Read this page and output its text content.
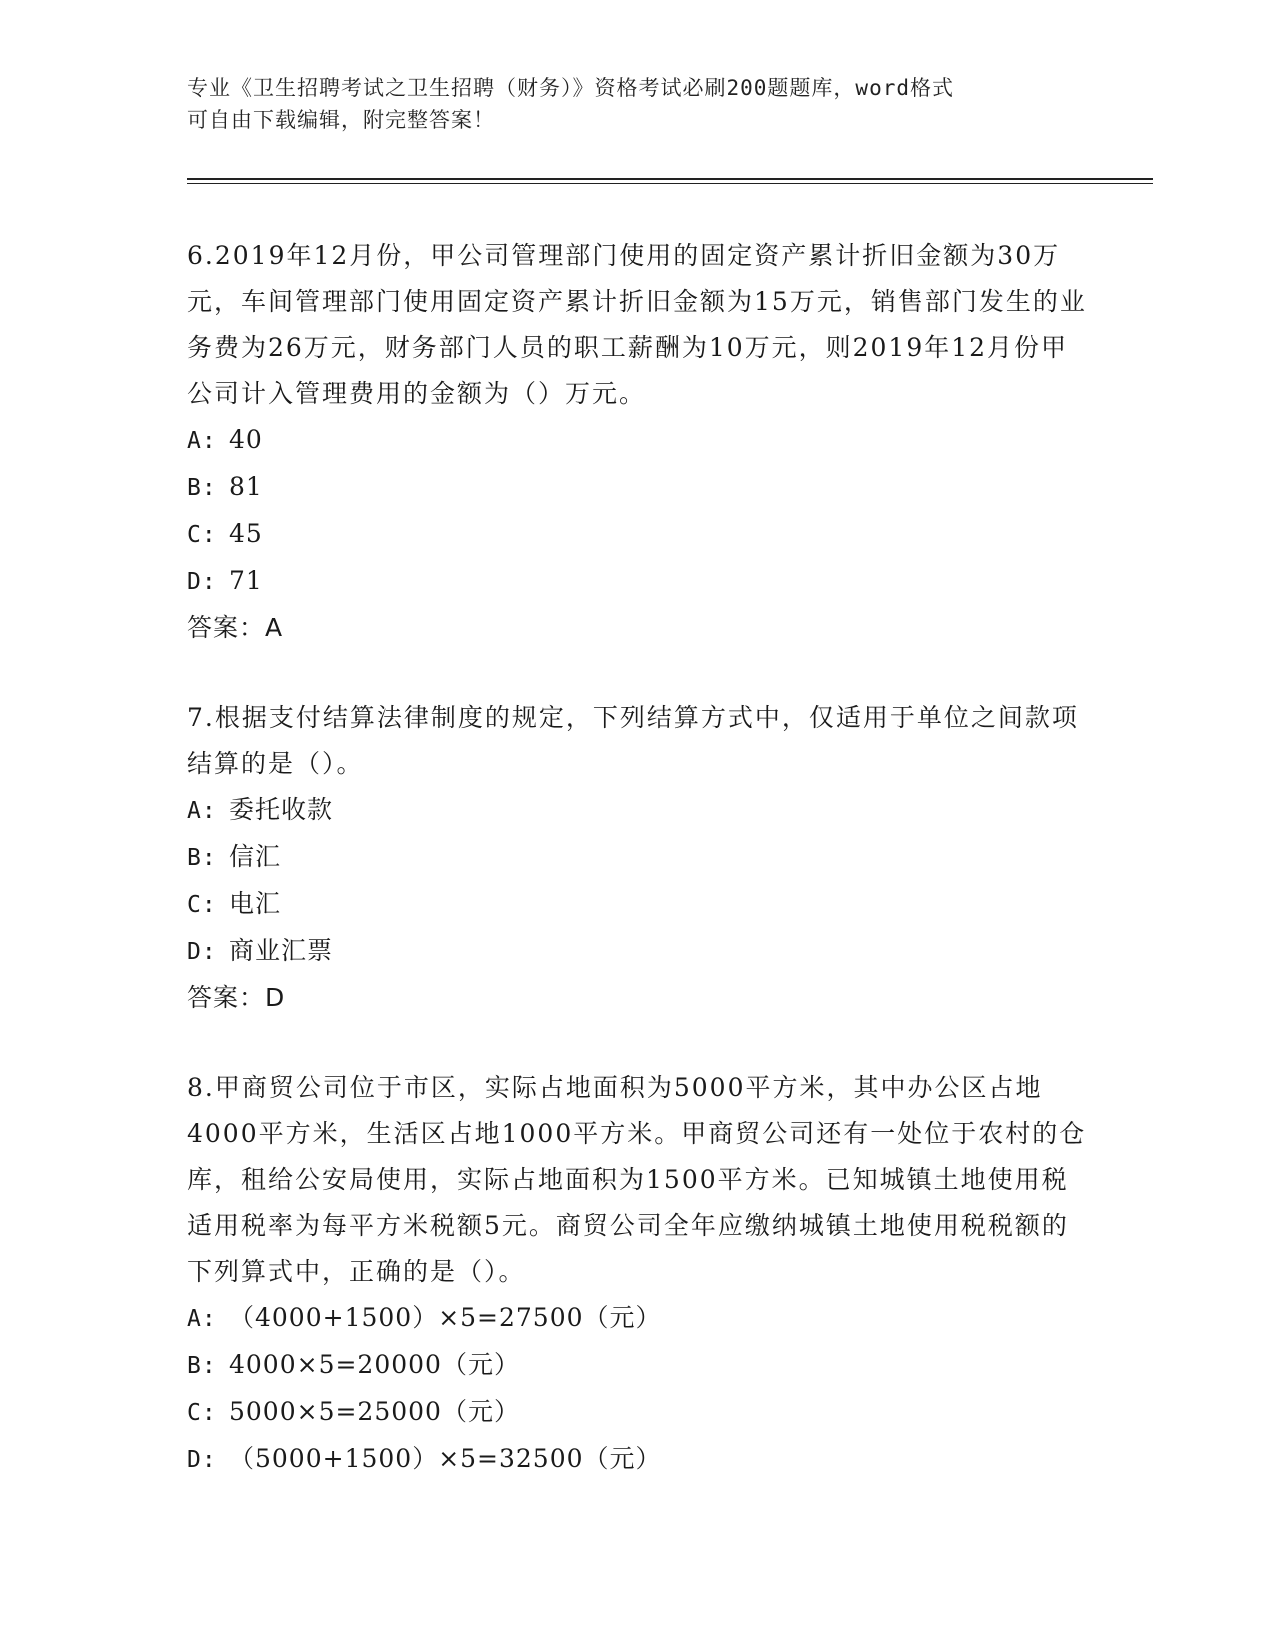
专业《卫生招聘考试之卫生招聘（财务）》资格考试必刷200题题库，word格式
可自由下载编辑，附完整答案！
6.2019年12月份，甲公司管理部门使用的固定资产累计折旧金额为30万元，车间管理部门使用固定资产累计折旧金额为15万元，销售部门发生的业务费为26万元，财务部门人员的职工薪酬为10万元，则2019年12月份甲公司计入管理费用的金额为（）万元。
A: 40
B: 81
C: 45
D: 71
答案：A
7.根据支付结算法律制度的规定，下列结算方式中，仅适用于单位之间款项结算的是（）。
A: 委托收款
B: 信汇
C: 电汇
D: 商业汇票
答案：D
8.甲商贸公司位于市区，实际占地面积为5000平方米，其中办公区占地4000平方米，生活区占地1000平方米。甲商贸公司还有一处位于农村的仓库，租给公安局使用，实际占地面积为1500平方米。已知城镇土地使用税适用税率为每平方米税额5元。商贸公司全年应缴纳城镇土地使用税税额的下列算式中，正确的是（）。
A: （4000+1500）×5=27500（元）
B: 4000×5=20000（元）
C: 5000×5=25000（元）
D: （5000+1500）×5=32500（元）
